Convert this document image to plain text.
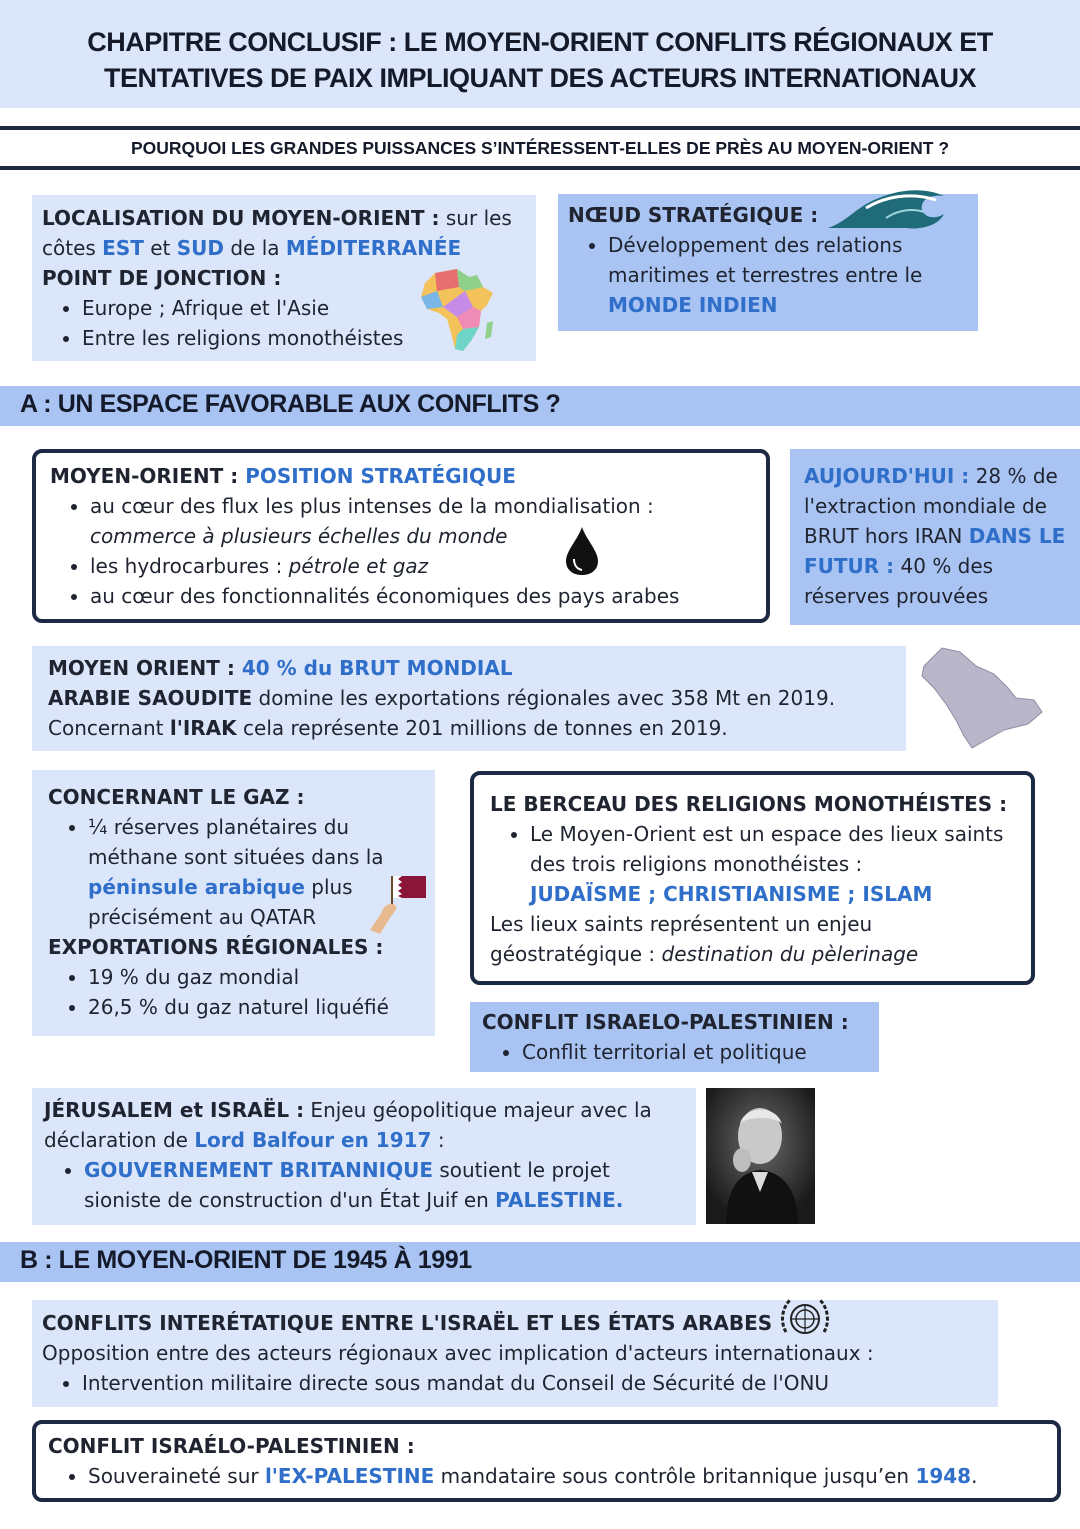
CHAPITRE CONCLUSIF : LE MOYEN-ORIENT CONFLITS RÉGIONAUX ET
TENTATIVES DE PAIX IMPLIQUANT DES ACTEURS INTERNATIONAUX
POURQUOI LES GRANDES PUISSANCES S’INTÉRESSENT-ELLES DE PRÈS AU MOYEN-ORIENT ?
LOCALISATION DU MOYEN-ORIENT : sur les côtes EST et SUD de la MÉDITERRANÉE
POINT DE JONCTION :
• Europe ; Afrique et l'Asie
• Entre les religions monothéistes
NŒUD STRATÉGIQUE :
• Développement des relations maritimes et terrestres entre le MONDE INDIEN
A : UN ESPACE FAVORABLE AUX CONFLITS ?
MOYEN-ORIENT : POSITION STRATÉGIQUE
• au cœur des flux les plus intenses de la mondialisation :
commerce à plusieurs échelles du monde
• les hydrocarbures : pétrole et gaz
• au cœur des fonctionnalités économiques des pays arabes
AUJOURD'HUI : 28 % de l'extraction mondiale de BRUT hors IRAN DANS LE FUTUR : 40 % des réserves prouvées
MOYEN ORIENT : 40 % du BRUT MONDIAL
ARABIE SAOUDITE domine les exportations régionales avec 358 Mt en 2019.
Concernant l'IRAK cela représente 201 millions de tonnes en 2019.
CONCERNANT LE GAZ :
• ¼ réserves planétaires du méthane sont situées dans la péninsule arabique plus précisément au QATAR
EXPORTATIONS RÉGIONALES :
• 19 % du gaz mondial
• 26,5 % du gaz naturel liquéfié
LE BERCEAU DES RELIGIONS MONOTHÉISTES :
• Le Moyen-Orient est un espace des lieux saints des trois religions monothéistes :
JUDAÏSME ; CHRISTIANISME ; ISLAM
Les lieux saints représentent un enjeu géostratégique : destination du pèlerinage
CONFLIT ISRAELO-PALESTINIEN :
• Conflit territorial et politique
JÉRUSALEM et ISRAËL : Enjeu géopolitique majeur avec la déclaration de Lord Balfour en 1917 :
• GOUVERNEMENT BRITANNIQUE soutient le projet sioniste de construction d'un État Juif en PALESTINE.
B : LE MOYEN-ORIENT DE 1945 À 1991
CONFLITS INTERÉTATIQUE ENTRE L'ISRAËL ET LES ÉTATS ARABES
Opposition entre des acteurs régionaux avec implication d'acteurs internationaux :
• Intervention militaire directe sous mandat du Conseil de Sécurité de l'ONU
CONFLIT ISRAÉLO-PALESTINIEN :
• Souveraineté sur l'EX-PALESTINE mandataire sous contrôle britannique jusqu’en 1948.
